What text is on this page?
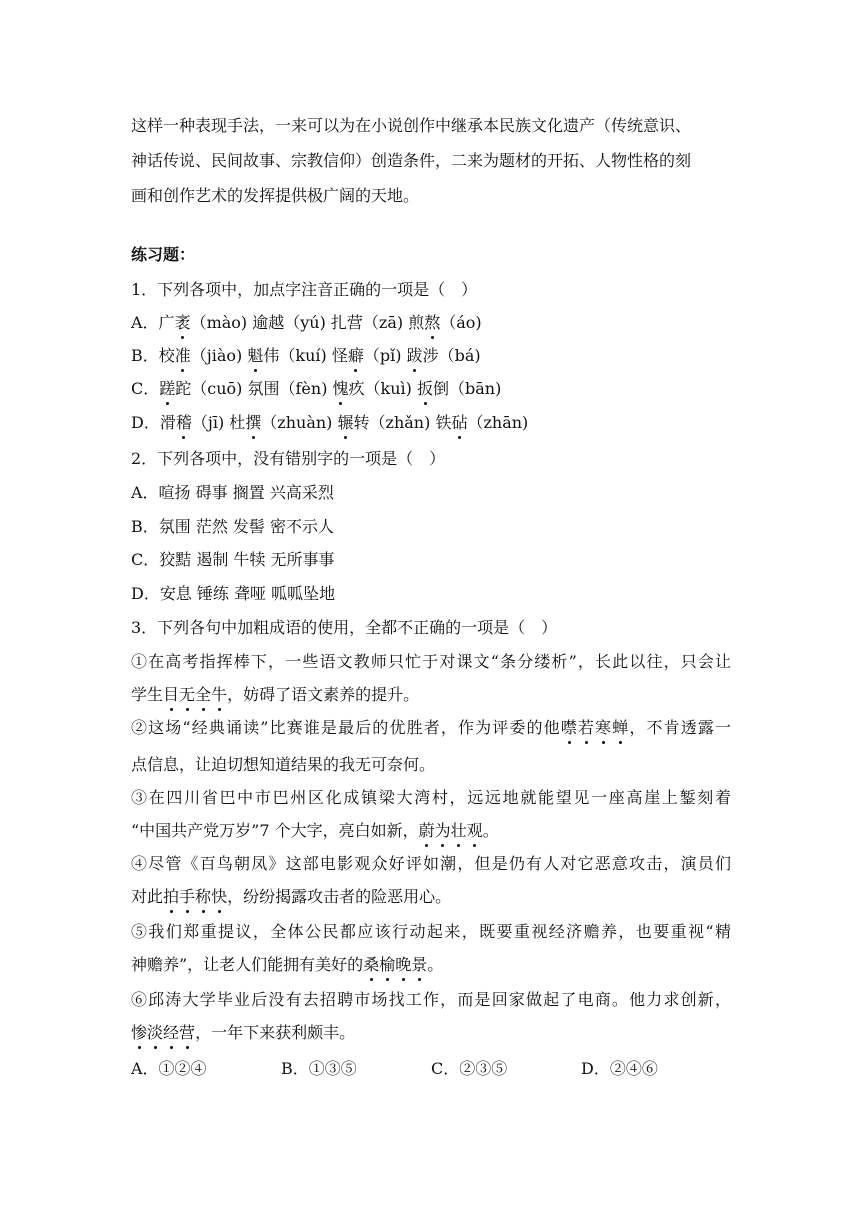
这样一种表现手法，一来可以为在小说创作中继承本民族文化遗产（传统意识、
神话传说、民间故事、宗教信仰）创造条件，二来为题材的开拓、人物性格的刻
画和创作艺术的发挥提供极广阔的天地。
练习题：
1．下列各项中，加点字注音正确的一项是（　）
A．广袤（mào) 逾越（yú) 扎营（zā) 煎熬（áo)
B．校准（jiào) 魁伟（kuí) 怪癖（pǐ) 跋涉（bá)
C．蹉跎（cuō) 氛围（fèn) 愧疚（kuì) 扳倒（bān)
D．滑稽（jī) 杜撰（zhuàn) 辗转（zhǎn) 铁砧（zhān)
2．下列各项中，没有错别字的一项是（　）
A．喧扬 碍事 搁置 兴高采烈
B．氛围 茫然 发髻 密不示人
C．狡黠 遏制 牛犊 无所事事
D．安息 锤练 聋哑 呱呱坠地
3．下列各句中加粗成语的使用，全都不正确的一项是（　）
①在高考指挥棒下，一些语文教师只忙于对课文“条分缕析”，长此以往，只会让
学生目无全牛，妨碍了语文素养的提升。
②这场“经典诵读”比赛谁是最后的优胜者，作为评委的他噤若寒蝉，不肯透露一
点信息，让迫切想知道结果的我无可奈何。
③在四川省巴中市巴州区化成镇梁大湾村，远远地就能望见一座高崖上錾刻着
“中国共产党万岁”7 个大字，亮白如新，蔚为壮观。
④尽管《百鸟朝凤》这部电影观众好评如潮，但是仍有人对它恶意攻击，演员们
对此拍手称快，纷纷揭露攻击者的险恶用心。
⑤我们郑重提议，全体公民都应该行动起来，既要重视经济赡养，也要重视“精
神赡养”，让老人们能拥有美好的桑榆晚景。
⑥邱涛大学毕业后没有去招聘市场找工作，而是回家做起了电商。他力求创新，
惨淡经营，一年下来获利颇丰。
A．①②④	B．①③⑤	C．②③⑤	D．②④⑥
